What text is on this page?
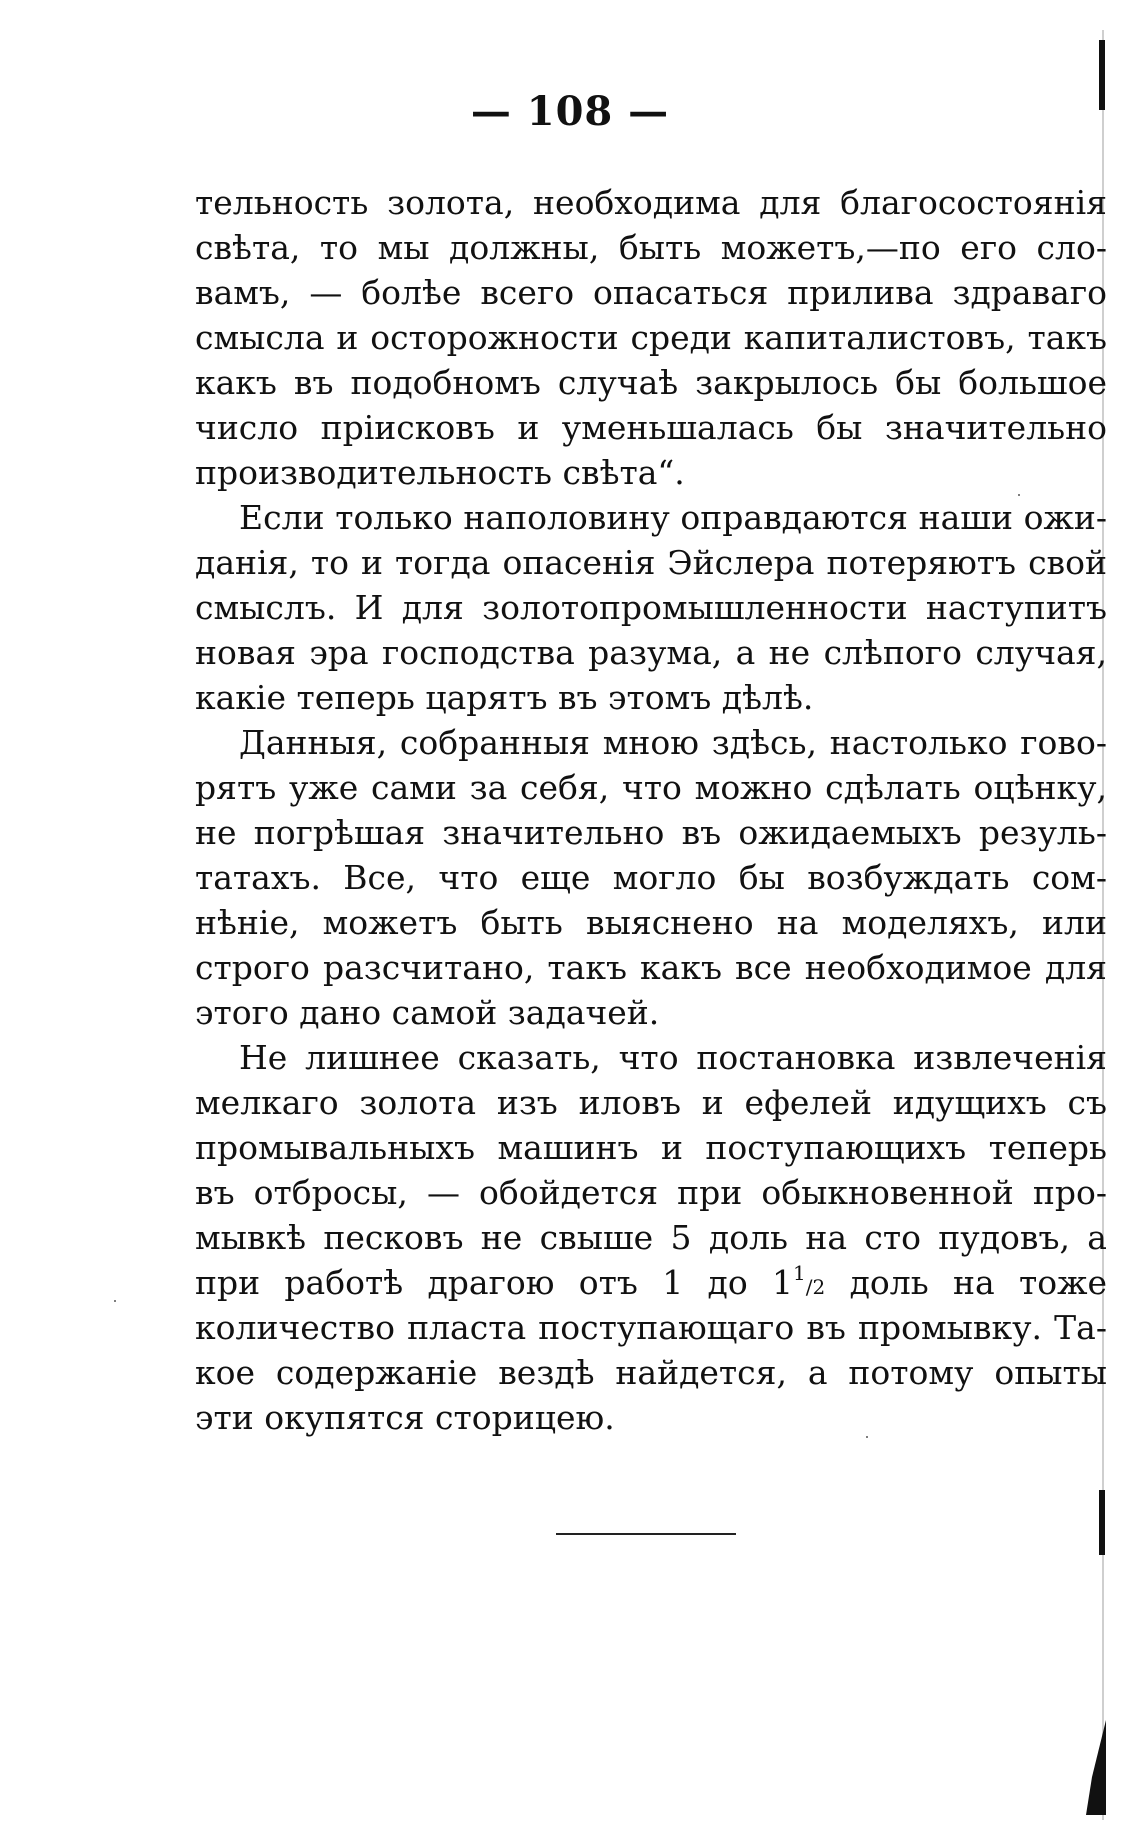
— 108 —
тельность золота, необходима для благосостоянія
свѣта, то мы должны, быть можетъ,—по его сло-
вамъ, — болѣе всего опасаться прилива здраваго
смысла и осторожности среди капиталистовъ, такъ
какъ въ подобномъ случаѣ закрылось бы большое
число пріисковъ и уменьшалась бы значительно
производительность свѣта“.
Если только наполовину оправдаются наши ожи-
данія, то и тогда опасенія Эйслера потеряютъ свой
смыслъ. И для золотопромышленности наступитъ
новая эра господства разума, а не слѣпого случая,
какіе теперь царятъ въ этомъ дѣлѣ.
Данныя, собранныя мною здѣсь, настолько гово-
рятъ уже сами за себя, что можно сдѣлать оцѣнку,
не погрѣшая значительно въ ожидаемыхъ резуль-
татахъ. Все, что еще могло бы возбуждать сом-
нѣніе, можетъ быть выяснено на моделяхъ, или
строго разсчитано, такъ какъ все необходимое для
этого дано самой задачей.
Не лишнее сказать, что постановка извлеченія
мелкаго золота изъ иловъ и ефелей идущихъ съ
промывальныхъ машинъ и поступающихъ теперь
въ отбросы, — обойдется при обыкновенной про-
мывкѣ песковъ не свыше 5 доль на сто пудовъ, а
при работѣ драгою отъ 1 до $1^1/2$ доль на тоже
количество пласта поступающаго въ промывку. Та-
кое содержаніе вездѣ найдется, а потому опыты
эти окупятся сторицею.
